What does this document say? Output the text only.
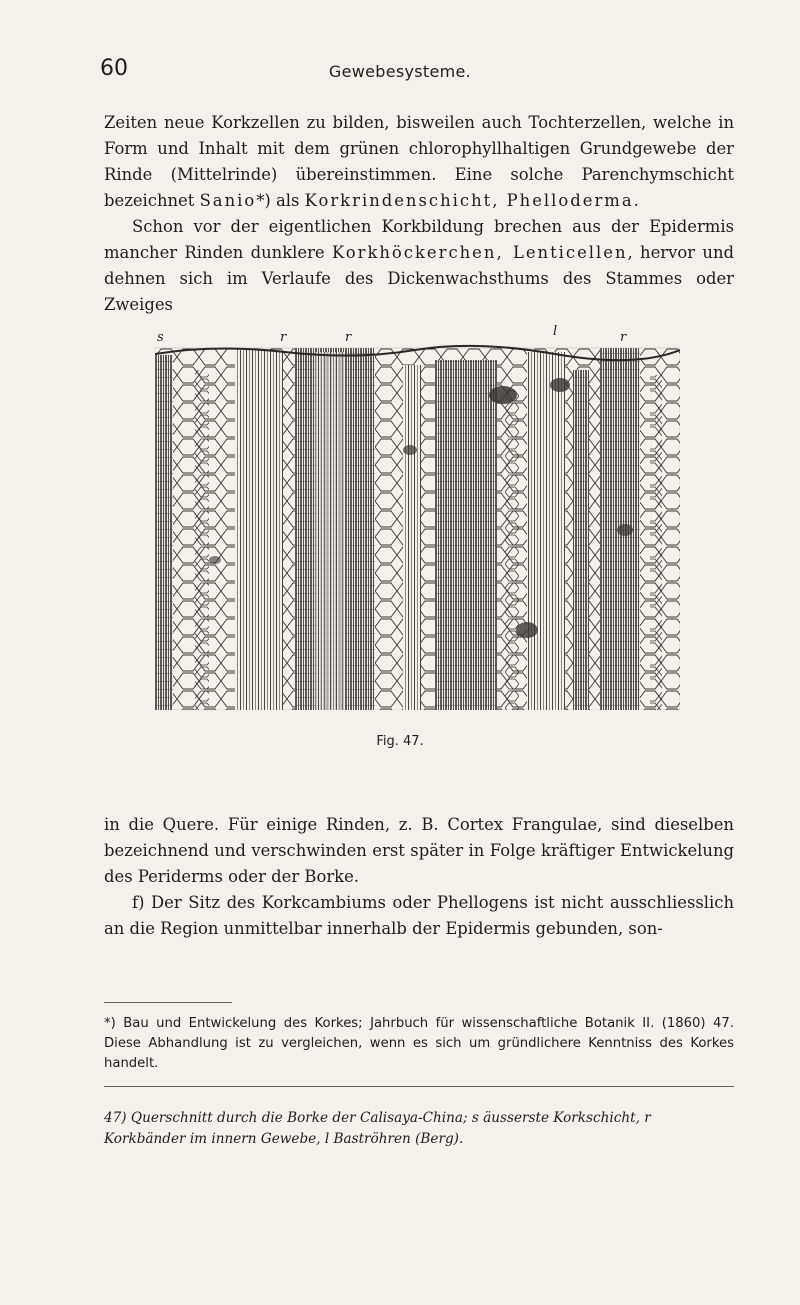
60	Gewebesysteme.
Zeiten neue Korkzellen zu bilden, bisweilen auch Tochterzellen, welche in Form und Inhalt mit dem grünen chlorophyllhaltigen Grundgewebe der Rinde (Mittelrinde) übereinstimmen. Eine solche Parenchymschicht bezeichnet Sanio*) als Korkrindenschicht, Phelloderma.
Schon vor der eigentlichen Korkbildung brechen aus der Epidermis mancher Rinden dunklere Korkhöckerchen, Lenticellen, hervor und dehnen sich im Verlaufe des Dickenwachsthums des Stammes oder Zweiges
s	r	r	l	r
Fig. 47.
in die Quere. Für einige Rinden, z. B. Cortex Frangulae, sind dieselben bezeichnend und verschwinden erst später in Folge kräftiger Entwickelung des Periderms oder der Borke.
f) Der Sitz des Korkcambiums oder Phellogens ist nicht ausschliesslich an die Region unmittelbar innerhalb der Epidermis gebunden, son-

*) Bau und Entwickelung des Korkes; Jahrbuch für wissenschaftliche Botanik II. (1860) 47. Diese Abhandlung ist zu vergleichen, wenn es sich um gründlichere Kenntniss des Korkes handelt.

47) Querschnitt durch die Borke der Calisaya-China; s äusserste Korkschicht, r Korkbänder im innern Gewebe, l Baströhren (Berg).
